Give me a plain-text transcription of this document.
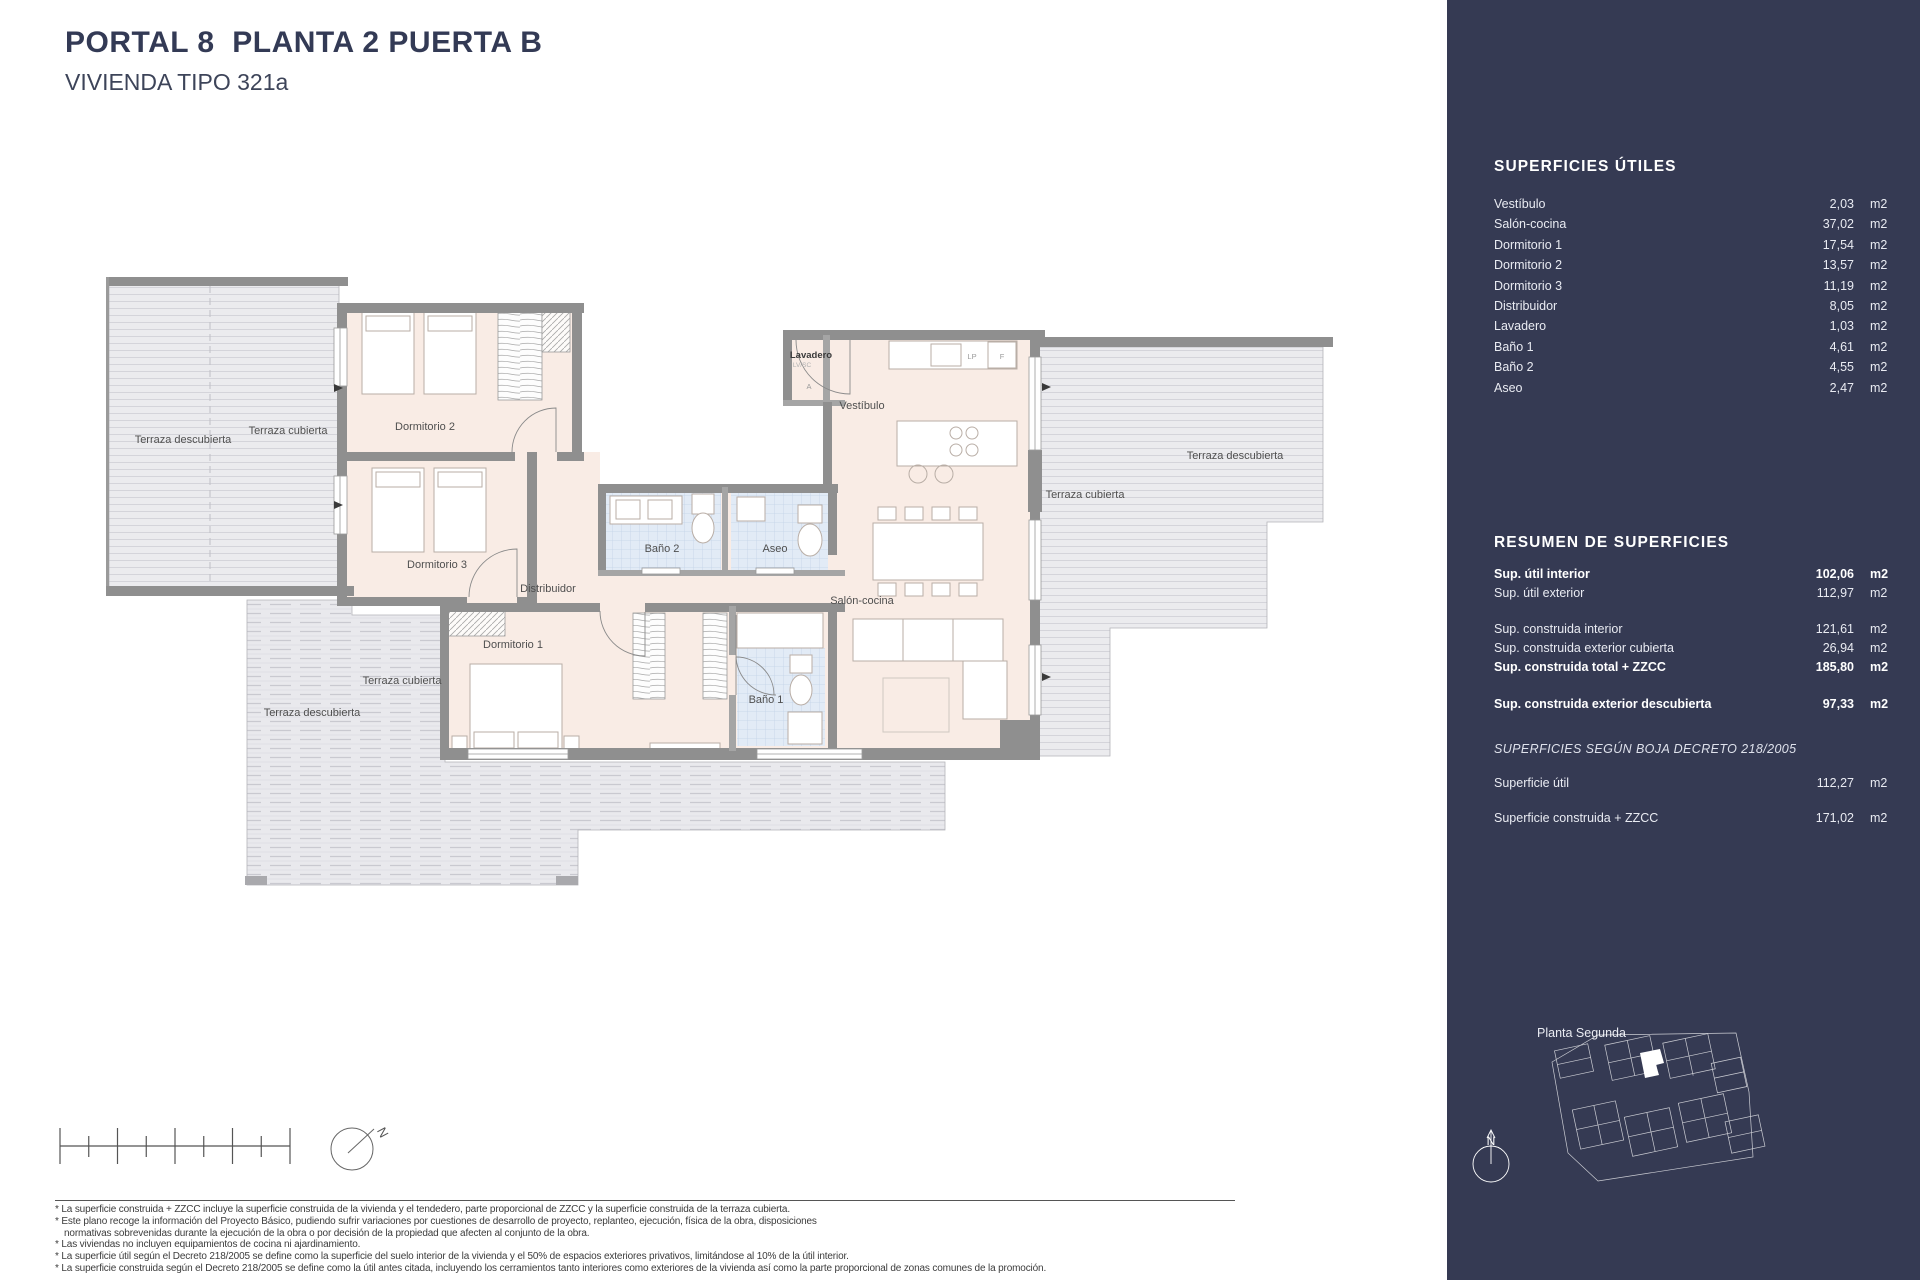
Terraza descubierta
Terraza cubierta	Dormitorio 2
Dormitorio 3
Baño 2	Aseo
Distribuidor
Dormitorio 1
Baño 1
Lavadero
LV/SC
Vestíbulo
Salón-cocina
Terraza cubierta
Terraza descubierta
Terraza cubierta
Terraza descubierta
LP	F
A
N
PORTAL 8  PLANTA 2 PUERTA B
VIVIENDA TIPO 321a
SUPERFICIES ÚTILES
Vestíbulo	2,03 m2
Salón-cocina	37,02 m2
Dormitorio 1	17,54 m2
Dormitorio 2	13,57 m2
Dormitorio 3	11,19 m2
Distribuidor	8,05 m2
Lavadero	1,03 m2
Baño 1	4,61 m2
Baño 2	4,55 m2
Aseo	2,47 m2
RESUMEN DE SUPERFICIES
Sup. útil interior	102,06 m2
Sup. útil exterior	112,97 m2
Sup. construida interior	121,61 m2
Sup. construida exterior cubierta	26,94 m2
Sup. construida total + ZZCC	185,80 m2
Sup. construida exterior descubierta	97,33 m2
SUPERFICIES SEGÚN BOJA DECRETO 218/2005
Superficie útil	112,27 m2
Superficie construida + ZZCC	171,02 m2
Planta Segunda
N
* La superficie construida + ZZCC incluye la superficie construida de la vivienda y el tendedero, parte proporcional de ZZCC y la superficie construida de la terraza cubierta.
* Este plano recoge la información del Proyecto Básico, pudiendo sufrir variaciones por cuestiones de desarrollo de proyecto, replanteo, ejecución, física de la obra, disposiciones
normativas sobrevenidas durante la ejecución de la obra o por decisión de la propiedad que afecten al conjunto de la obra.
* Las viviendas no incluyen equipamientos de cocina ni ajardinamiento.
* La superficie útil según el Decreto 218/2005 se define como la superficie del suelo interior de la vivienda y el 50% de espacios exteriores privativos, limitándose al 10% de la útil interior.
* La superficie construida según el Decreto 218/2005 se define como la útil antes citada, incluyendo los cerramientos tanto interiores como exteriores de la vivienda así como la parte proporcional de zonas comunes de la promoción.
